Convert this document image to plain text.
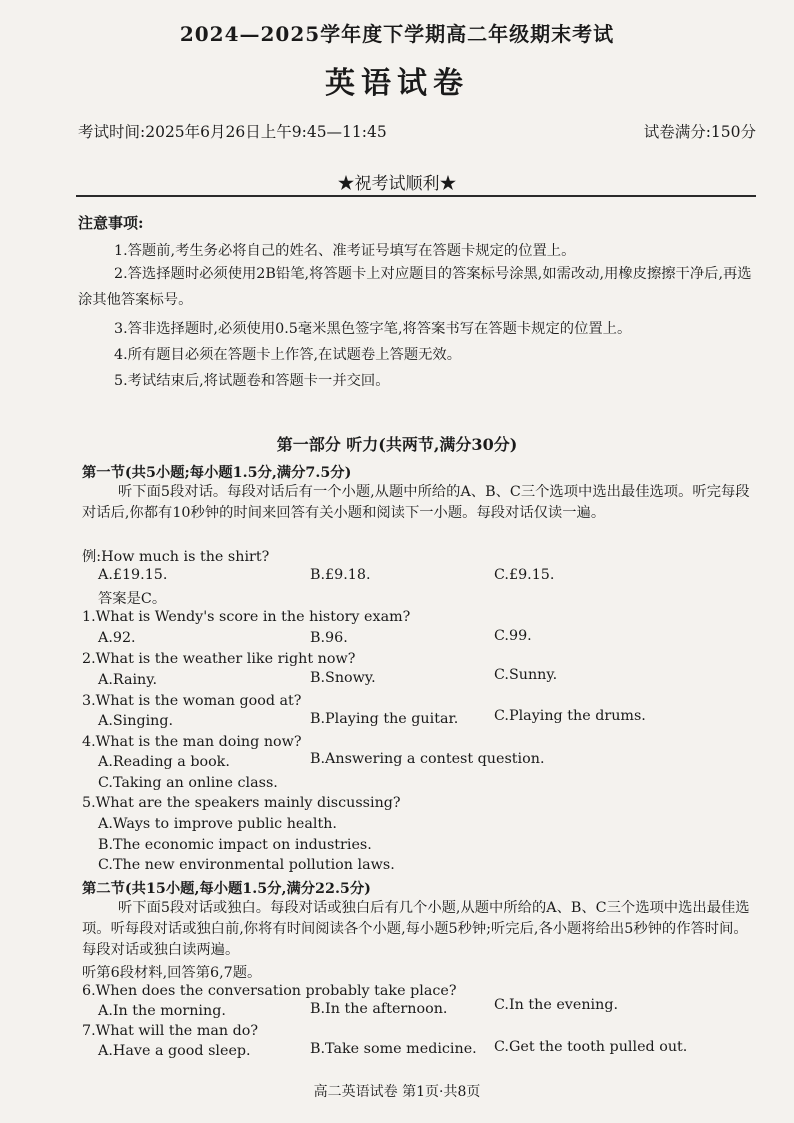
2024—2025学年度下学期高二年级期末考试
英语试卷
考试时间:2025年6月26日上午9:45—11:45	试卷满分:150分
★祝考试顺利★
注意事项:
1.答题前,考生务必将自己的姓名、准考证号填写在答题卡规定的位置上。
2.答选择题时必须使用2B铅笔,将答题卡上对应题目的答案标号涂黑,如需改动,用橡皮擦擦干净后,再选涂其他答案标号。
3.答非选择题时,必须使用0.5毫米黑色签字笔,将答案书写在答题卡规定的位置上。
4.所有题目必须在答题卡上作答,在试题卷上答题无效。
5.考试结束后,将试题卷和答题卡一并交回。
第一部分 听力(共两节,满分30分)
第一节(共5小题;每小题1.5分,满分7.5分)
听下面5段对话。每段对话后有一个小题,从题中所给的A、B、C三个选项中选出最佳选项。听完每段对话后,你都有10秒钟的时间来回答有关小题和阅读下一小题。每段对话仅读一遍。
例:How much is the shirt?
A.£19.15.	B.£9.18.	C.£9.15.
答案是C。
1.What is Wendy's score in the history exam?
A.92.	B.96.	C.99.
2.What is the weather like right now?
A.Rainy.	B.Snowy.	C.Sunny.
3.What is the woman good at?
A.Singing.	B.Playing the guitar. C.Playing the drums.
4.What is the man doing now?
A.Reading a book.	B.Answering a contest question.
C.Taking an online class.
5.What are the speakers mainly discussing?
A.Ways to improve public health.
B.The economic impact on industries.
C.The new environmental pollution laws.
第二节(共15小题,每小题1.5分,满分22.5分)
听下面5段对话或独白。每段对话或独白后有几个小题,从题中所给的A、B、C三个选项中选出最佳选项。听每段对话或独白前,你将有时间阅读各个小题,每小题5秒钟;听完后,各小题将给出5秒钟的作答时间。每段对话或独白读两遍。
听第6段材料,回答第6,7题。
6.When does the conversation probably take place?
A.In the morning.	B.In the afternoon.	C.In the evening.
7.What will the man do?
A.Have a good sleep.	B.Take some medicine. C.Get the tooth pulled out.
高二英语试卷 第1页·共8页
